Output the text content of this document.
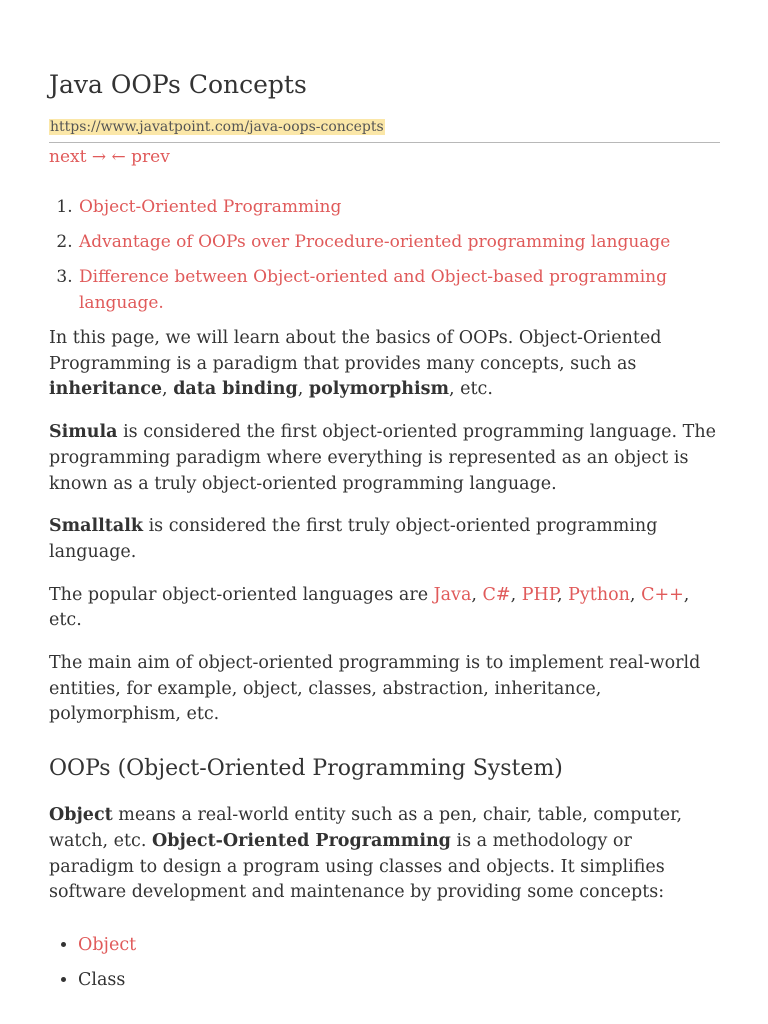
Java OOPs Concepts
https://www.javatpoint.com/java-oops-concepts
next → ← prev
1. Object-Oriented Programming
2. Advantage of OOPs over Procedure-oriented programming language
3. Difference between Object-oriented and Object-based programming language.

In this page, we will learn about the basics of OOPs. Object-Oriented Programming is a paradigm that provides many concepts, such as inheritance, data binding, polymorphism, etc.

Simula is considered the first object-oriented programming language. The programming paradigm where everything is represented as an object is known as a truly object-oriented programming language.

Smalltalk is considered the first truly object-oriented programming language.

The popular object-oriented languages are Java, C#, PHP, Python, C++, etc.

The main aim of object-oriented programming is to implement real-world entities, for example, object, classes, abstraction, inheritance, polymorphism, etc.

OOPs (Object-Oriented Programming System)

Object means a real-world entity such as a pen, chair, table, computer, watch, etc. Object-Oriented Programming is a methodology or paradigm to design a program using classes and objects. It simplifies software development and maintenance by providing some concepts:

• Object
• Class
